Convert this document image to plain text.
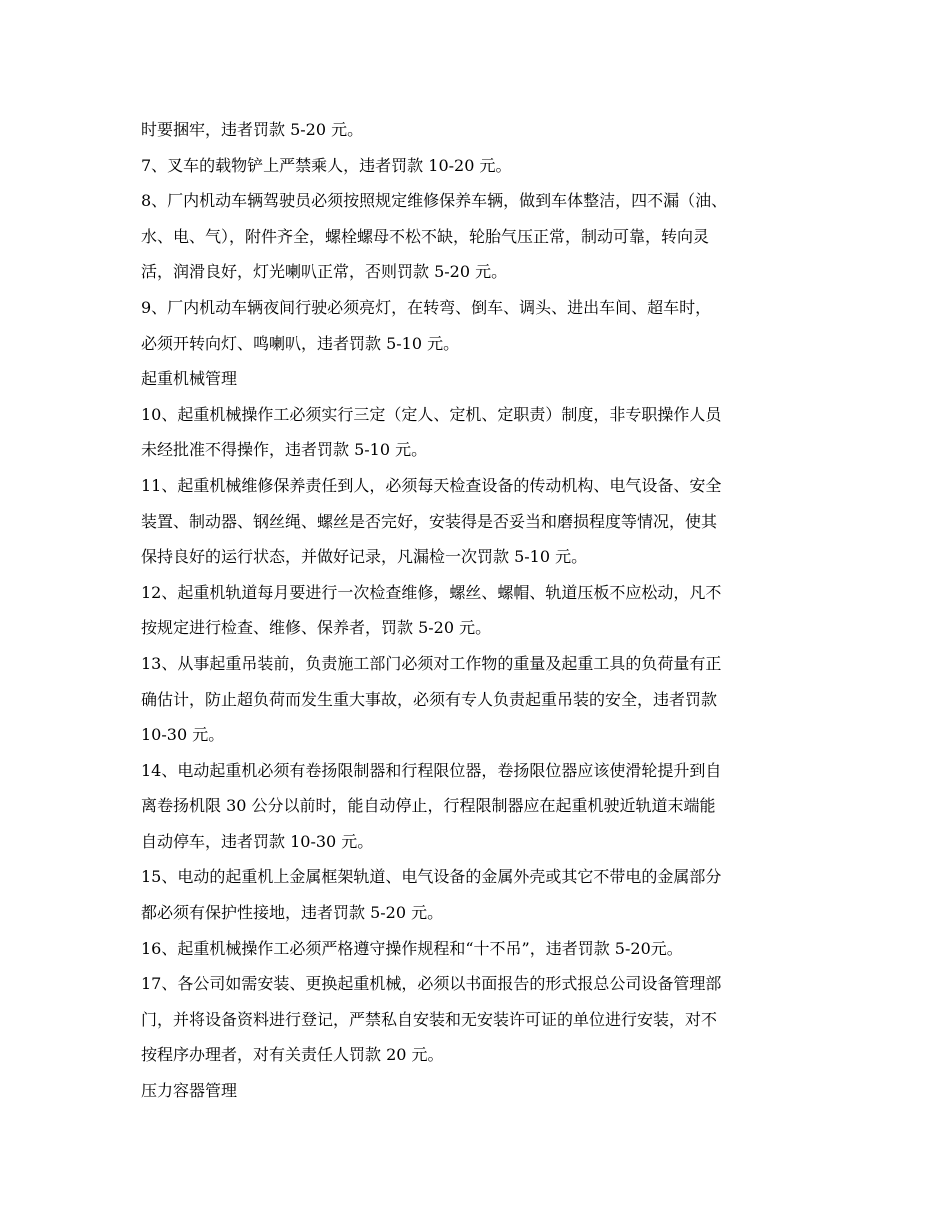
时要捆牢，违者罚款 5-20 元。
7、叉车的载物铲上严禁乘人，违者罚款 10-20 元。
8、厂内机动车辆驾驶员必须按照规定维修保养车辆，做到车体整洁，四不漏（油、
水、电、气），附件齐全，螺栓螺母不松不缺，轮胎气压正常，制动可靠，转向灵
活，润滑良好，灯光喇叭正常，否则罚款 5-20 元。
9、厂内机动车辆夜间行驶必须亮灯，在转弯、倒车、调头、进出车间、超车时，
必须开转向灯、鸣喇叭，违者罚款 5-10 元。
起重机械管理
10、起重机械操作工必须实行三定（定人、定机、定职责）制度，非专职操作人员
未经批准不得操作，违者罚款 5-10 元。
11、起重机械维修保养责任到人，必须每天检查设备的传动机构、电气设备、安全
装置、制动器、钢丝绳、螺丝是否完好，安装得是否妥当和磨损程度等情况，使其
保持良好的运行状态，并做好记录，凡漏检一次罚款 5-10 元。
12、起重机轨道每月要进行一次检查维修，螺丝、螺帽、轨道压板不应松动，凡不
按规定进行检查、维修、保养者，罚款 5-20 元。
13、从事起重吊装前，负责施工部门必须对工作物的重量及起重工具的负荷量有正
确估计，防止超负荷而发生重大事故，必须有专人负责起重吊装的安全，违者罚款
10-30 元。
14、电动起重机必须有卷扬限制器和行程限位器，卷扬限位器应该使滑轮提升到自
离卷扬机限 30 公分以前时，能自动停止，行程限制器应在起重机驶近轨道末端能
自动停车，违者罚款 10-30 元。
15、电动的起重机上金属框架轨道、电气设备的金属外壳或其它不带电的金属部分
都必须有保护性接地，违者罚款 5-20 元。
16、起重机械操作工必须严格遵守操作规程和“十不吊”，违者罚款 5-20元。
17、各公司如需安装、更换起重机械，必须以书面报告的形式报总公司设备管理部
门，并将设备资料进行登记，严禁私自安装和无安装许可证的单位进行安装，对不
按程序办理者，对有关责任人罚款 20 元。
压力容器管理
